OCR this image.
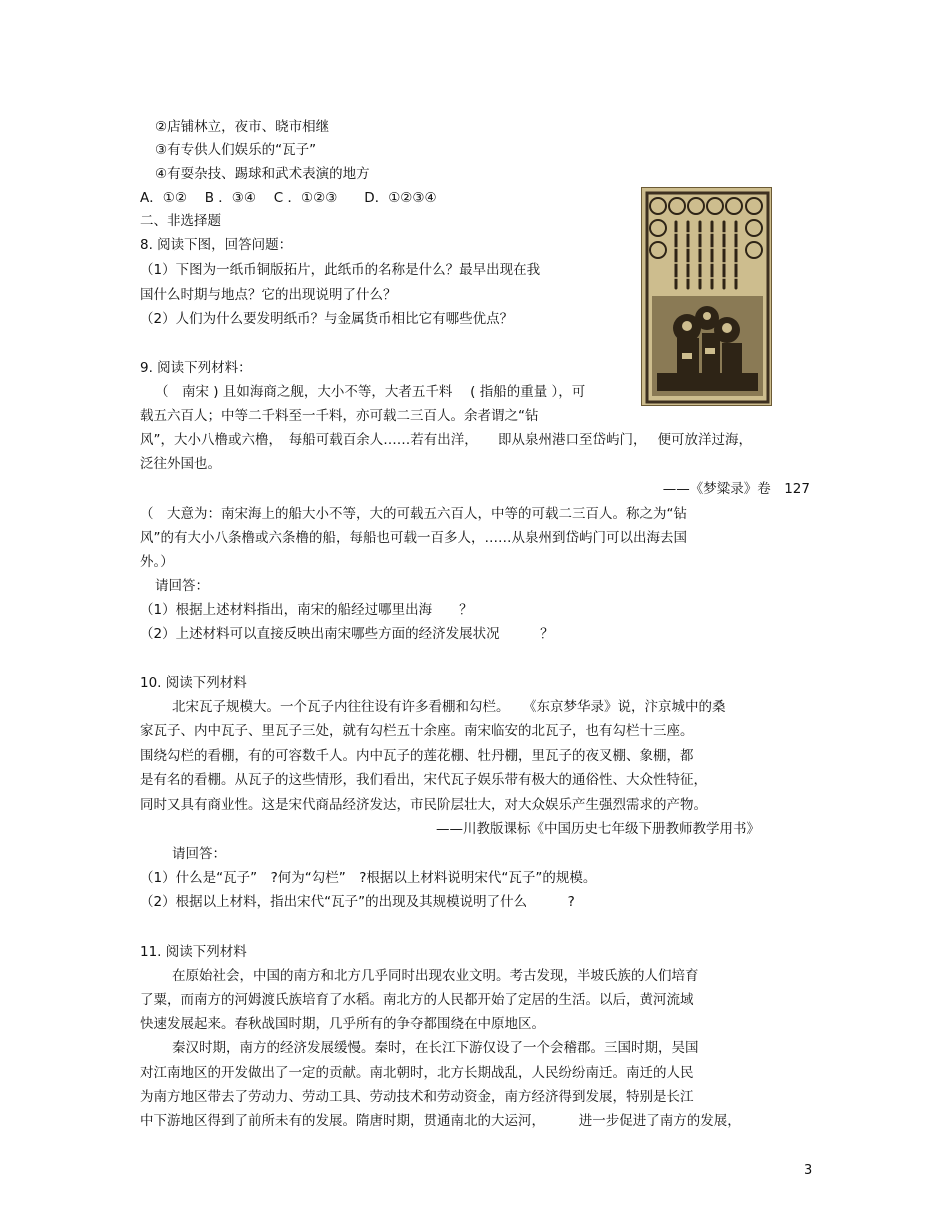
②店铺林立，夜市、晓市相继
③有专供人们娱乐的“瓦子”
④有耍杂技、踢球和武术表演的地方
A．①②　 B ．③④　 C ．①②③　　D．①②③④
二、非选择题
8. 阅读下图，回答问题：
（1）下图为一纸币铜版拓片，此纸币的名称是什么？最早出现在我
国什么时期与地点？它的出现说明了什么？
（2）人们为什么要发明纸币？与金属货币相比它有哪些优点？
9. 阅读下列材料：
（　南宋 ) 且如海商之舰，大小不等，大者五千料　 ( 指船的重量 ），可
载五六百人；中等二千料至一千料，亦可载二三百人。余者谓之“钻
风”，大小八橹或六橹，　每船可载百余人……若有出洋，　　即从泉州港口至岱屿门，　 便可放洋过海，
泛往外国也。
——《梦粱录》卷　127
（　大意为：南宋海上的船大小不等，大的可载五六百人，中等的可载二三百人。称之为“钻
风”的有大小八条橹或六条橹的船，每船也可载一百多人，……从泉州到岱屿门可以出海去国
外。）
请回答：
（1）根据上述材料指出，南宋的船经过哪里出海　　？
（2）上述材料可以直接反映出南宋哪些方面的经济发展状况　　　？
10. 阅读下列材料
北宋瓦子规模大。一个瓦子内往往设有许多看棚和勾栏。　　《东京梦华录》说，汴京城中的桑
家瓦子、内中瓦子、里瓦子三处，就有勾栏五十余座。南宋临安的北瓦子，也有勾栏十三座。
围绕勾栏的看棚，有的可容数千人。内中瓦子的莲花棚、牡丹棚，里瓦子的夜叉棚、象棚，都
是有名的看棚。从瓦子的这些情形，我们看出，宋代瓦子娱乐带有极大的通俗性、大众性特征，
同时又具有商业性。这是宋代商品经济发达，市民阶层壮大，对大众娱乐产生强烈需求的产物。
——川教版课标《中国历史七年级下册教师教学用书》
请回答：
（1）什么是“瓦子”　?何为“勾栏”　?根据以上材料说明宋代“瓦子”的规模。
（2）根据以上材料，指出宋代“瓦子”的出现及其规模说明了什么　　　?
11. 阅读下列材料
在原始社会，中国的南方和北方几乎同时出现农业文明。考古发现，半坡氏族的人们培育
了粟，而南方的河姆渡氏族培育了水稻。南北方的人民都开始了定居的生活。以后，黄河流域
快速发展起来。春秋战国时期，几乎所有的争夺都围绕在中原地区。
秦汉时期，南方的经济发展缓慢。秦时，在长江下游仅设了一个会稽郡。三国时期，吴国
对江南地区的开发做出了一定的贡献。南北朝时，北方长期战乱，人民纷纷南迁。南迁的人民
为南方地区带去了劳动力、劳动工具、劳动技术和劳动资金，南方经济得到发展，特别是长江
中下游地区得到了前所未有的发展。隋唐时期，贯通南北的大运河，　　　进一步促进了南方的发展，
3
